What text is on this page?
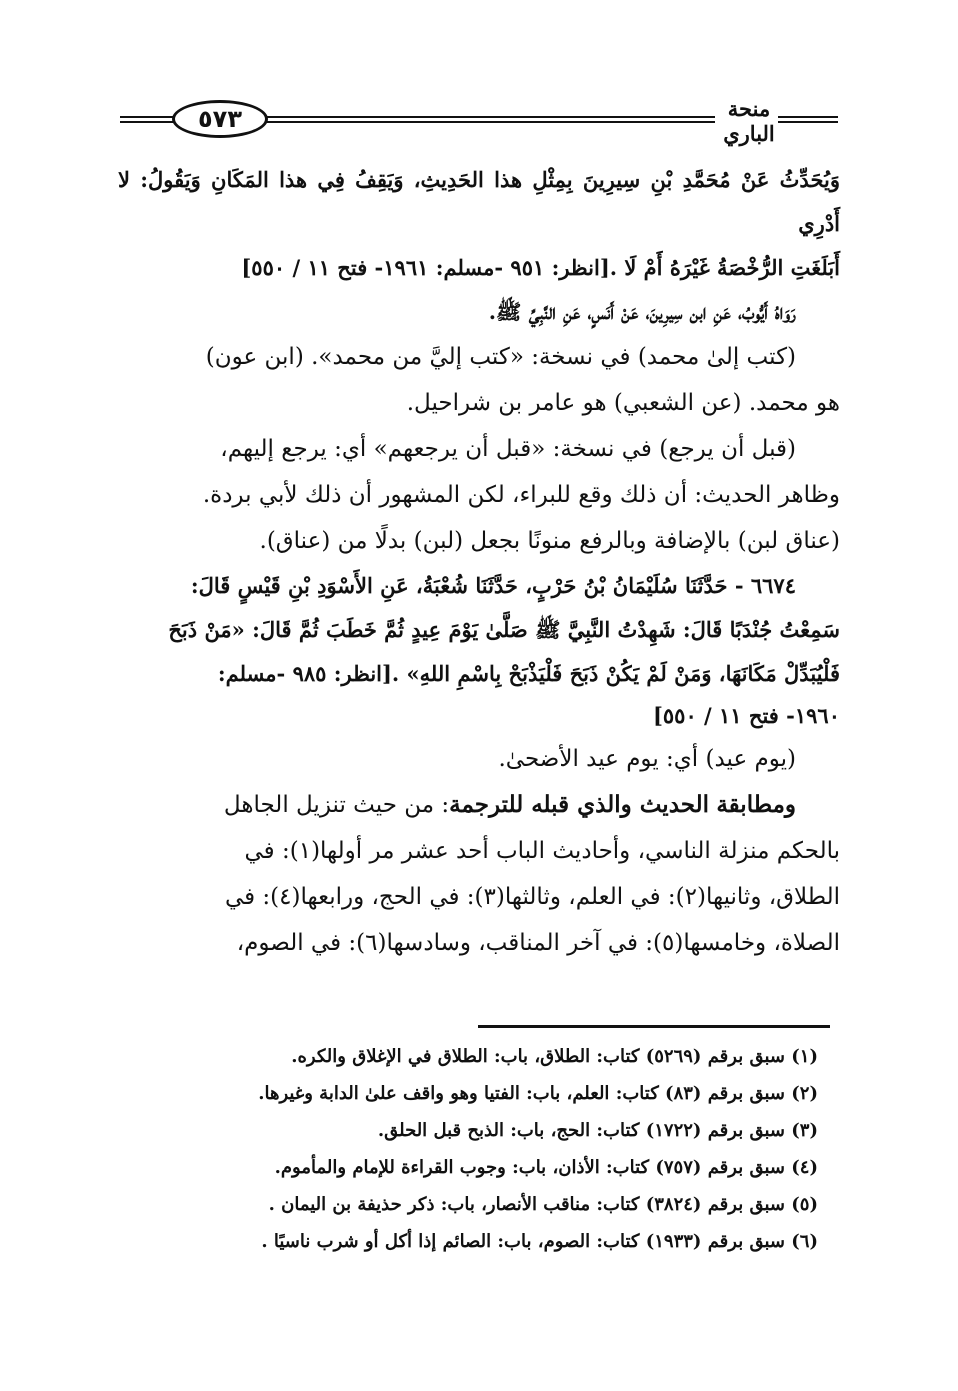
٥٧٣	منحة الباري

وَيُحَدِّثُ عَنْ مُحَمَّدِ بْنِ سِيرِينَ بِمِثْلِ هذا الحَدِيثِ، وَيَقِفُ فِي هذا المَكَانِ وَيَقُولُ: لا أَدْرِي

أَبَلَغَتِ الرُّخْصَةُ غَيْرَهُ أَمْ لَا .[انظر: ٩٥١ -مسلم: ١٩٦١- فتح ١١ / ٥٥٠]

رَوَاهُ أَيُّوبُ، عَنِ ابن سِيرِينَ، عَنْ أَنَسٍ، عَنِ النَّبِيِّ ﷺ.

(كتب إلىٰ محمد) في نسخة: «كتب إليَّ من محمد». (ابن عون)

هو محمد. (عن الشعبي) هو عامر بن شراحيل.

(قبل أن يرجع) في نسخة: «قبل أن يرجعهم» أي: يرجع إليهم،

وظاهر الحديث: أن ذلك وقع للبراء، لكن المشهور أن ذلك لأبي بردة.

(عناق لبن) بالإضافة وبالرفع منونًا بجعل (لبن) بدلًا من (عناق).

٦٦٧٤ - حَدَّثَنَا سُلَيْمَانُ بْنُ حَرْبٍ، حَدَّثَنَا شُعْبَةُ، عَنِ الأَسْوَدِ بْنِ قَيْسٍ قَالَ:

سَمِعْتُ جُنْدَبًا قَالَ: شَهِدْتُ النَّبِيَّ ﷺ صَلَّىٰ يَوْمَ عِيدٍ ثُمَّ خَطَبَ ثُمَّ قَالَ: «مَنْ ذَبَحَ

فَلْيُبَدِّلْ مَكَانَهَا، وَمَنْ لَمْ يَكُنْ ذَبَحَ فَلْيَذْبَحْ بِاسْمِ اللهِ» .[انظر: ٩٨٥ -مسلم:

١٩٦٠- فتح ١١ / ٥٥٠]

(يوم عيد) أي: يوم عيد الأضحىٰ.

ومطابقة الحديث والذي قبله للترجمة: من حيث تنزيل الجاهل

بالحكم منزلة الناسي، وأحاديث الباب أحد عشر مر أولها(١): في

الطلاق، وثانيها(٢): في العلم، وثالثها(٣): في الحج، ورابعها(٤): في

الصلاة، وخامسها(٥): في آخر المناقب، وسادسها(٦): في الصوم،

(١) سبق برقم (٥٢٦٩) كتاب: الطلاق، باب: الطلاق في الإغلاق والكره.

(٢) سبق برقم (٨٣) كتاب: العلم، باب: الفتيا وهو واقف علىٰ الدابة وغيرها.

(٣) سبق برقم (١٧٢٢) كتاب: الحج، باب: الذبح قبل الحلق.

(٤) سبق برقم (٧٥٧) كتاب: الأذان، باب: وجوب القراءة للإمام والمأموم.

(٥) سبق برقم (٣٨٢٤) كتاب: مناقب الأنصار، باب: ذكر حذيفة بن اليمان .

(٦) سبق برقم (١٩٣٣) كتاب: الصوم، باب: الصائم إذا أكل أو شرب ناسيًا .
